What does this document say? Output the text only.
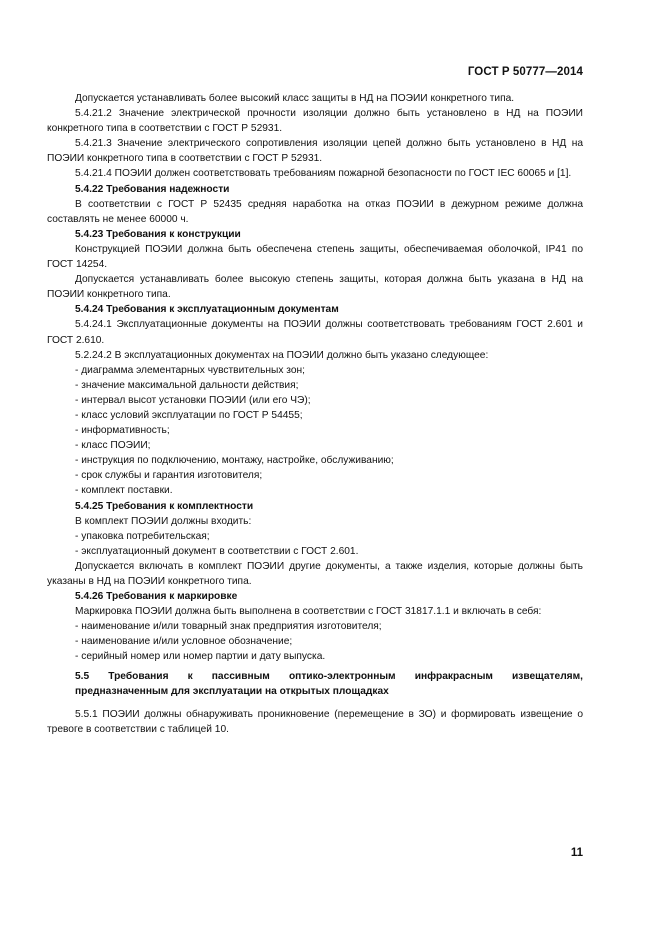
ГОСТ Р 50777—2014

Допускается устанавливать более высокий класс защиты в НД на ПОЭИИ конкретного типа.

5.4.21.2 Значение электрической прочности изоляции должно быть установлено в НД на ПОЭИИ конкретного типа в соответствии с ГОСТ Р 52931.

5.4.21.3 Значение электрического сопротивления изоляции цепей должно быть установлено в НД на ПОЭИИ конкретного типа в соответствии с ГОСТ Р 52931.

5.4.21.4 ПОЭИИ должен соответствовать требованиям пожарной безопасности по ГОСТ IEC 60065 и [1].

5.4.22 Требования надежности

В соответствии с ГОСТ Р 52435 средняя наработка на отказ ПОЭИИ в дежурном режиме должна составлять не менее 60000 ч.

5.4.23 Требования к конструкции

Конструкцией ПОЭИИ должна быть обеспечена степень защиты, обеспечиваемая оболочкой, IP41 по ГОСТ 14254.

Допускается устанавливать более высокую степень защиты, которая должна быть указана в НД на ПОЭИИ конкретного типа.

5.4.24 Требования к эксплуатационным документам

5.4.24.1 Эксплуатационные документы на ПОЭИИ должны соответствовать требованиям ГОСТ 2.601 и ГОСТ 2.610.

5.2.24.2 В эксплуатационных документах на ПОЭИИ должно быть указано следующее:

- диаграмма элементарных чувствительных зон;

- значение максимальной дальности действия;

- интервал высот установки ПОЭИИ (или его ЧЭ);

- класс условий эксплуатации по ГОСТ Р 54455;

- информативность;

- класс ПОЭИИ;

- инструкция по подключению, монтажу, настройке, обслуживанию;

- срок службы и гарантия изготовителя;

- комплект поставки.

5.4.25 Требования к комплектности

В комплект ПОЭИИ должны входить:

- упаковка потребительская;

- эксплуатационный документ в соответствии с ГОСТ 2.601.

Допускается включать в комплект ПОЭИИ другие документы, а также изделия, которые должны быть указаны в НД на ПОЭИИ конкретного типа.

5.4.26 Требования к маркировке

Маркировка ПОЭИИ должна быть выполнена в соответствии с ГОСТ 31817.1.1 и включать в себя:

- наименование и/или товарный знак предприятия изготовителя;

- наименование и/или условное обозначение;

- серийный номер или номер партии и дату выпуска.

5.5 Требования к пассивным оптико-электронным инфракрасным извещателям,
предназначенным для эксплуатации на открытых площадках

5.5.1 ПОЭИИ должны обнаруживать проникновение (перемещение в ЗО) и формировать извещение о тревоге в соответствии с таблицей 10.

11
